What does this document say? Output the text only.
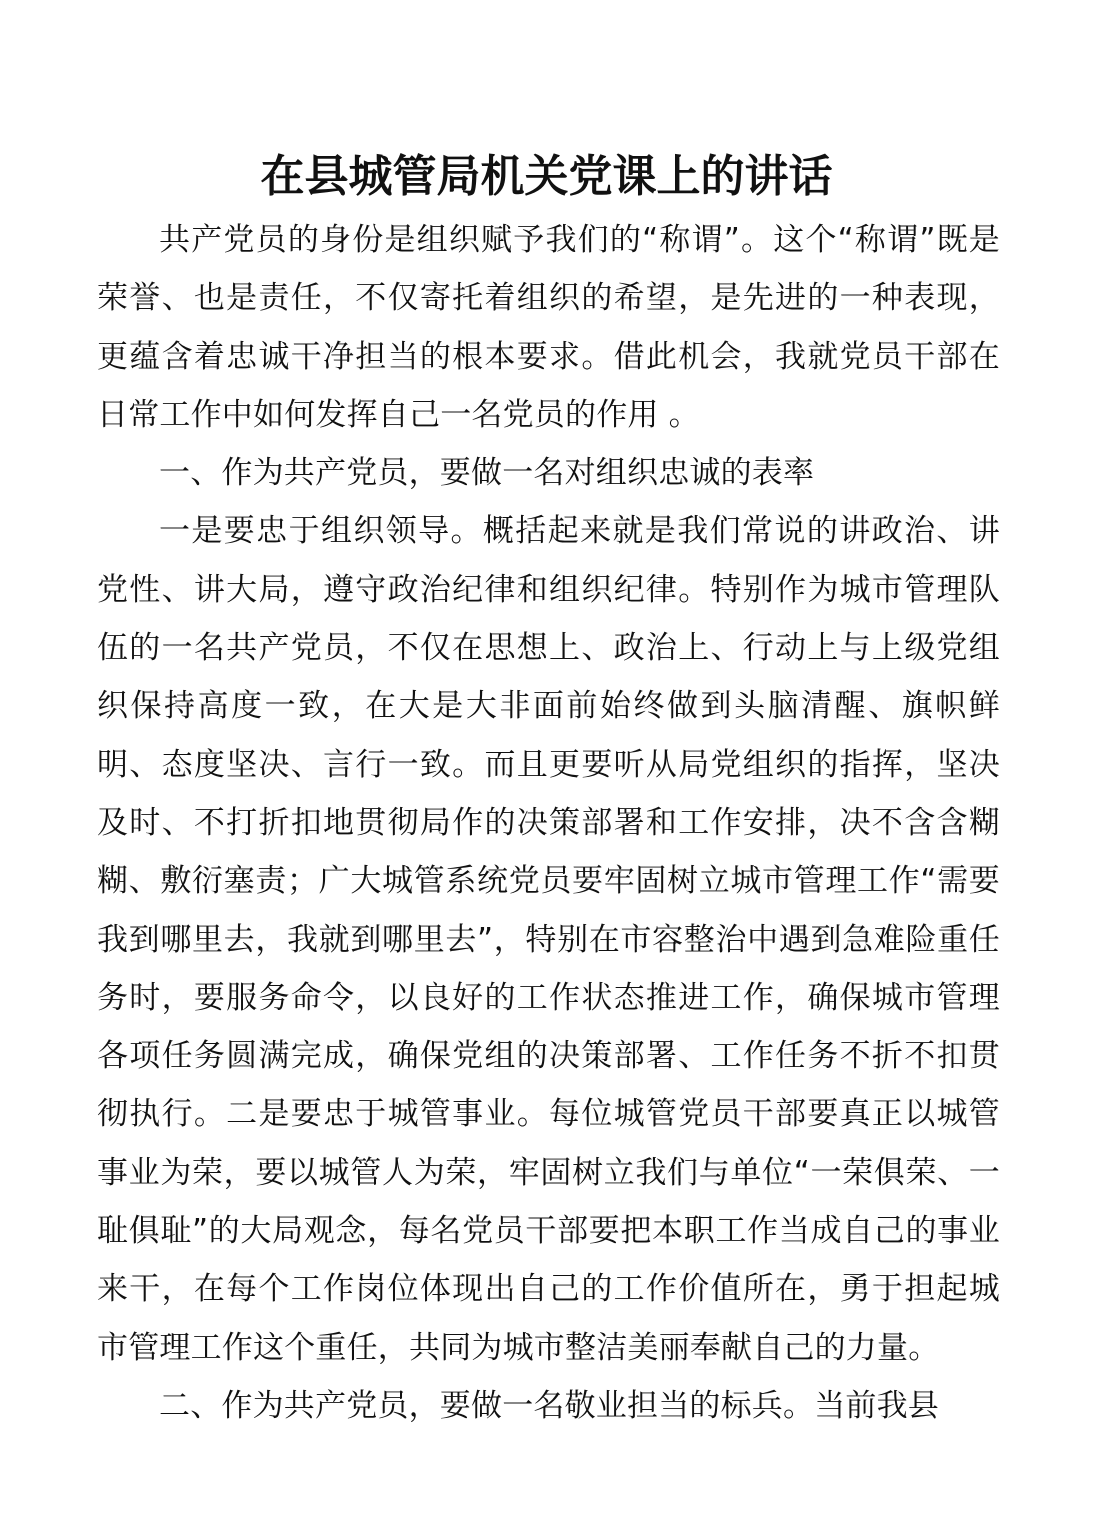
在县城管局机关党课上的讲话

共产党员的身份是组织赋予我们的“称谓”。这个“称谓”既是荣誉、也是责任，不仅寄托着组织的希望，是先进的一种表现，更蕴含着忠诚干净担当的根本要求。借此机会，我就党员干部在日常工作中如何发挥自己一名党员的作用 。

一、作为共产党员，要做一名对组织忠诚的表率

一是要忠于组织领导。概括起来就是我们常说的讲政治、讲党性、讲大局，遵守政治纪律和组织纪律。特别作为城市管理队伍的一名共产党员，不仅在思想上、政治上、行动上与上级党组织保持高度一致，在大是大非面前始终做到头脑清醒、旗帜鲜明、态度坚决、言行一致。而且更要听从局党组织的指挥，坚决及时、不打折扣地贯彻局作的决策部署和工作安排，决不含含糊糊、敷衍塞责；广大城管系统党员要牢固树立城市管理工作“需要我到哪里去，我就到哪里去”，特别在市容整治中遇到急难险重任务时，要服务命令，以良好的工作状态推进工作，确保城市管理各项任务圆满完成，确保党组的决策部署、工作任务不折不扣贯彻执行。二是要忠于城管事业。每位城管党员干部要真正以城管事业为荣，要以城管人为荣，牢固树立我们与单位“一荣俱荣、一耻俱耻”的大局观念，每名党员干部要把本职工作当成自己的事业来干，在每个工作岗位体现出自己的工作价值所在，勇于担起城市管理工作这个重任，共同为城市整洁美丽奉献自己的力量。

二、作为共产党员，要做一名敬业担当的标兵。当前我县
